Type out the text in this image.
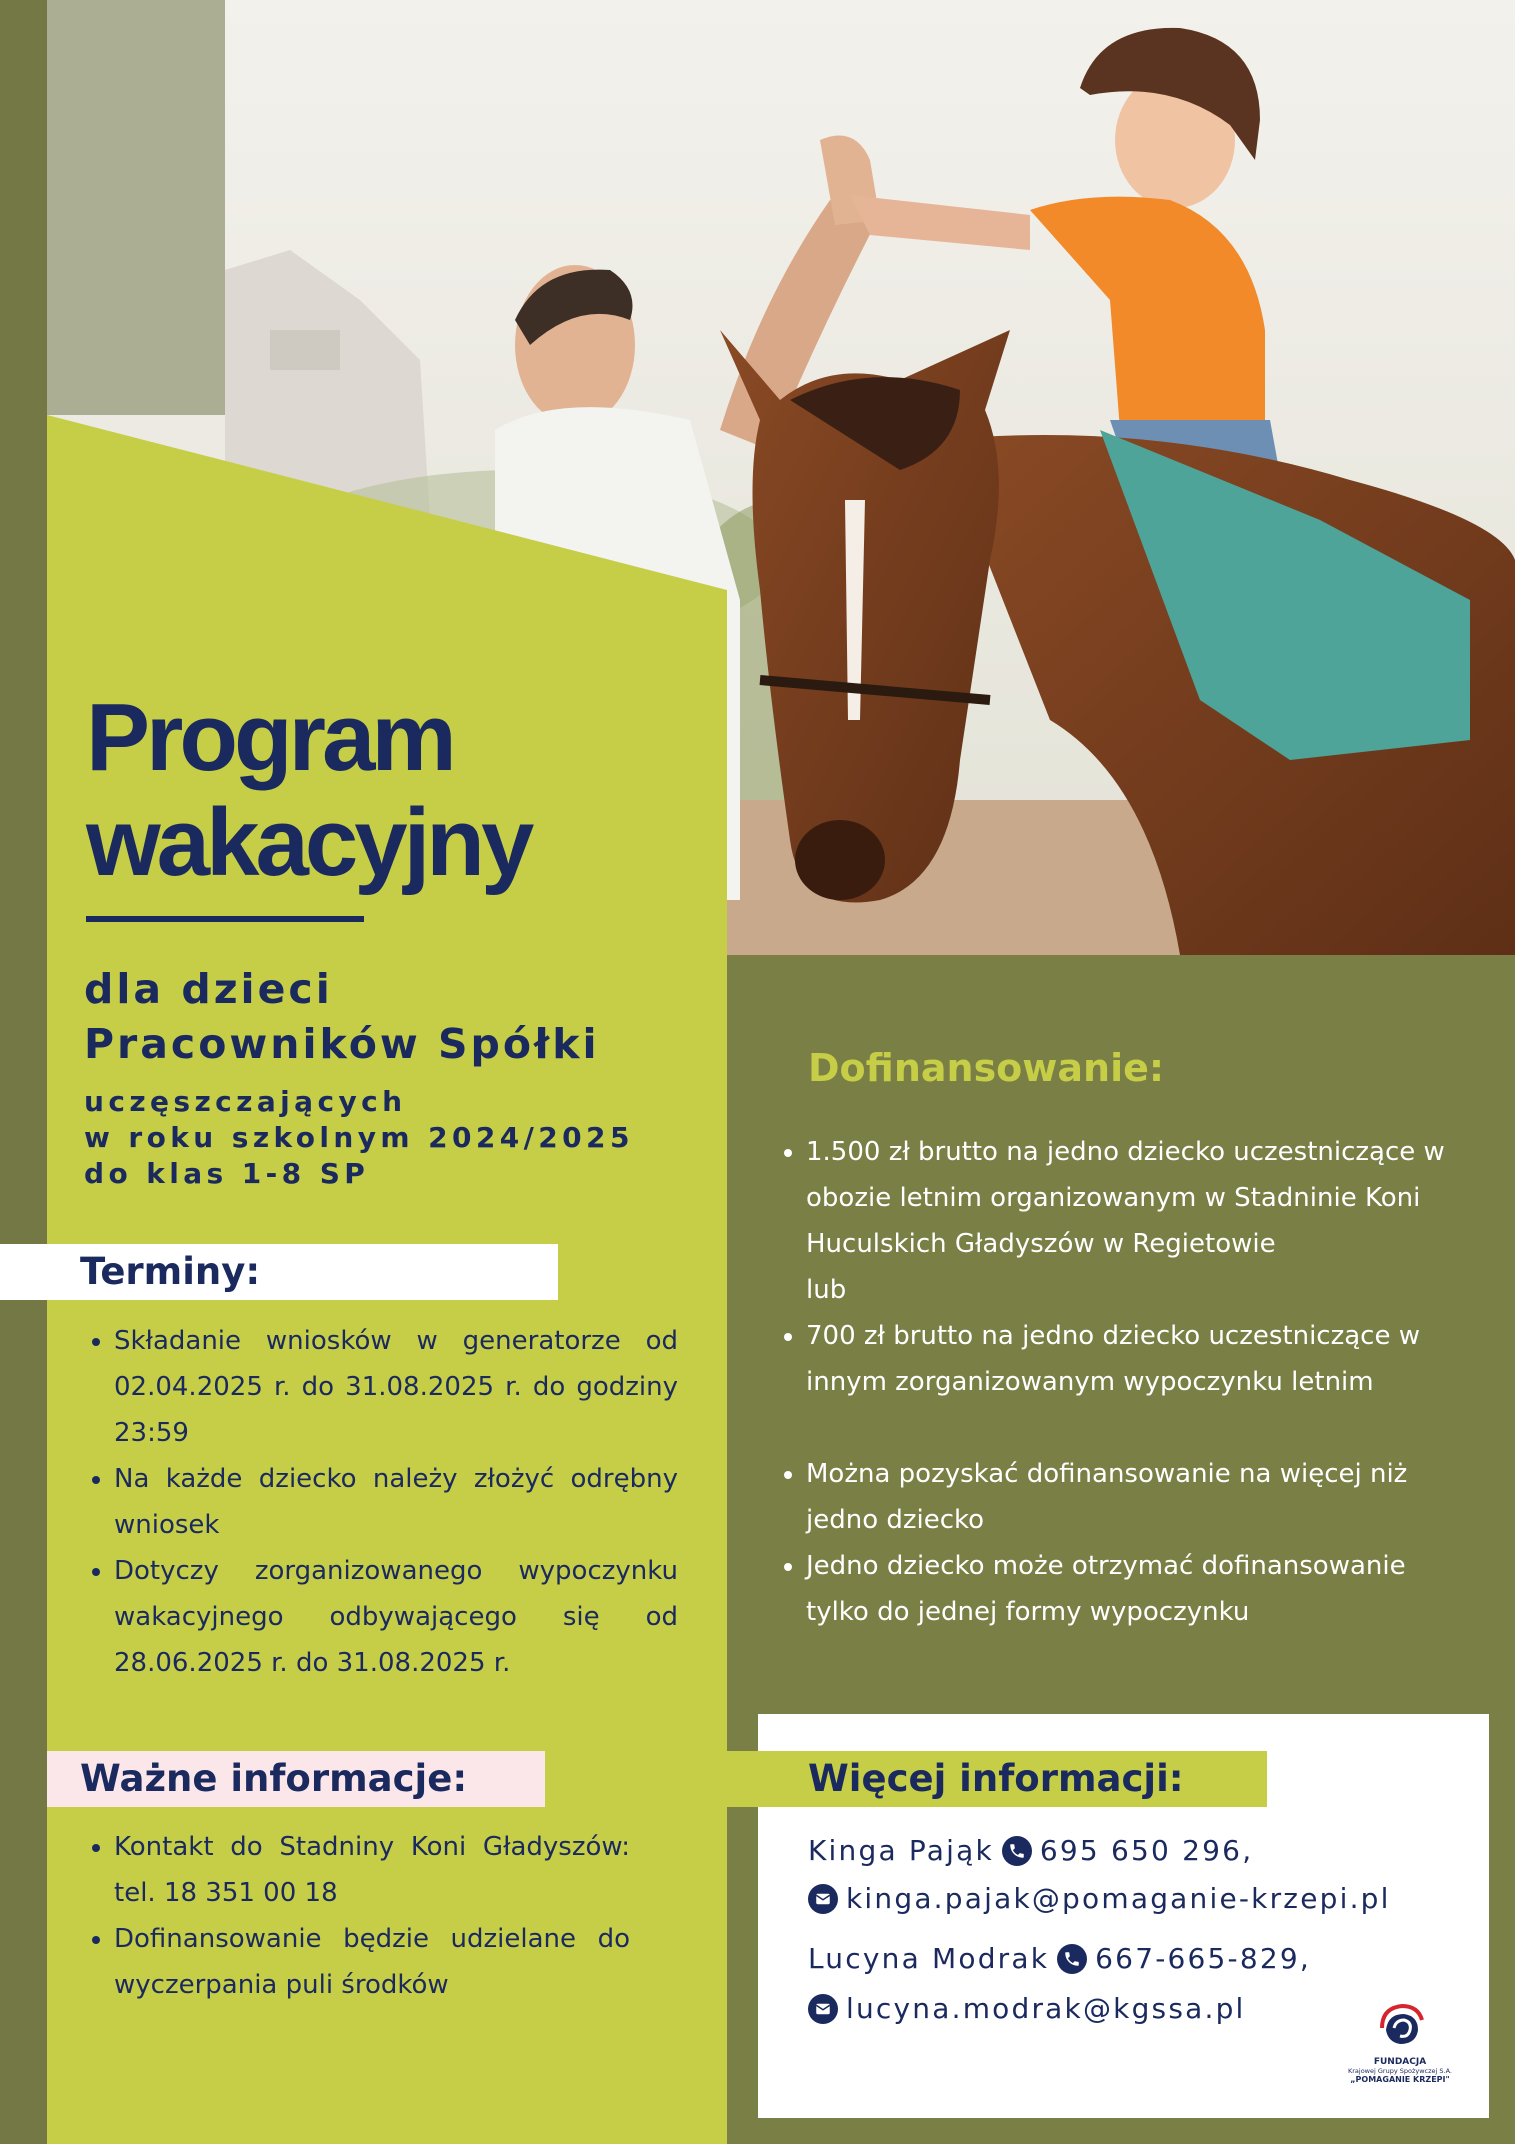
Program
wakacyjny

dla dzieci
Pracowników Spółki

uczęszczających
w roku szkolnym 2024/2025
do klas 1-8 SP

Terminy:

• Składanie wniosków w generatorze od 02.04.2025 r. do 31.08.2025 r. do godziny 23:59
• Na każde dziecko należy złożyć odrębny wniosek
• Dotyczy zorganizowanego wypoczynku wakacyjnego odbywającego się od 28.06.2025 r. do 31.08.2025 r.

Ważne informacje:

• Kontakt do Stadniny Koni Gładyszów: tel. 18 351 00 18
• Dofinansowanie będzie udzielane do wyczerpania puli środków

Dofinansowanie:

• 1.500 zł brutto na jedno dziecko uczestniczące w obozie letnim organizowanym w Stadninie Koni Huculskich Gładyszów w Regietowie
lub
• 700 zł brutto na jedno dziecko uczestniczące w innym zorganizowanym wypoczynku letnim
• Można pozyskać dofinansowanie na więcej niż jedno dziecko
• Jedno dziecko może otrzymać dofinansowanie tylko do jednej formy wypoczynku

Więcej informacji:

Kinga Pająk 695 650 296,
kinga.pajak@pomaganie-krzepi.pl
Lucyna Modrak 667-665-829,
lucyna.modrak@kgssa.pl
FUNDACJA
Krajowej Grupy Spożywczej S.A.
„POMAGANIE KRZEPI"
